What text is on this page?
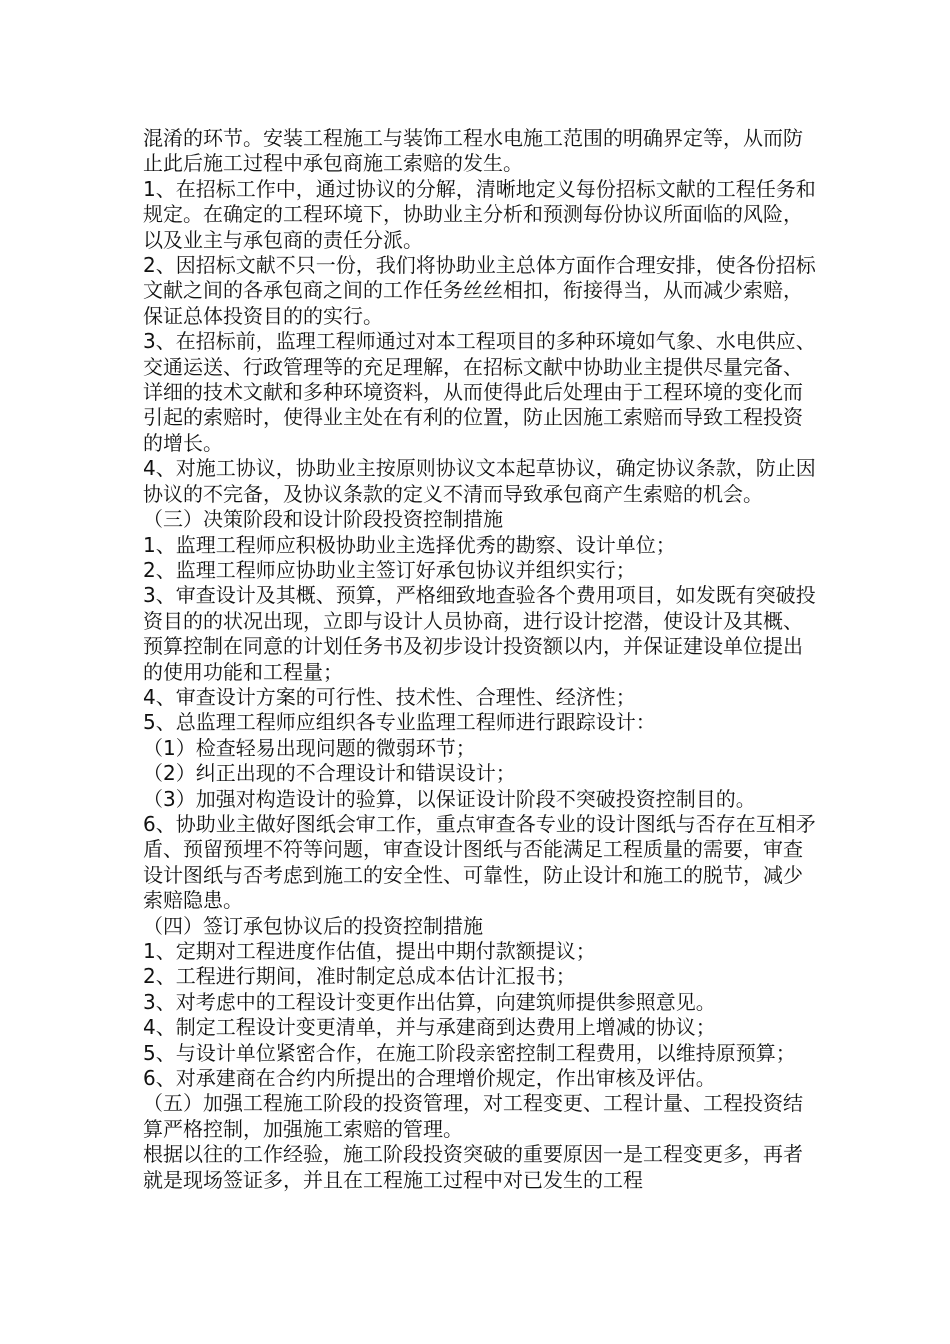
混淆的环节。安装工程施工与装饰工程水电施工范围的明确界定等，从而防止此后施工过程中承包商施工索赔的发生。

1、在招标工作中，通过协议的分解，清晰地定义每份招标文献的工程任务和规定。在确定的工程环境下，协助业主分析和预测每份协议所面临的风险，以及业主与承包商的责任分派。

2、因招标文献不只一份，我们将协助业主总体方面作合理安排，使各份招标文献之间的各承包商之间的工作任务丝丝相扣，衔接得当，从而减少索赔，保证总体投资目的的实行。

3、在招标前，监理工程师通过对本工程项目的多种环境如气象、水电供应、交通运送、行政管理等的充足理解，在招标文献中协助业主提供尽量完备、详细的技术文献和多种环境资料，从而使得此后处理由于工程环境的变化而引起的索赔时，使得业主处在有利的位置，防止因施工索赔而导致工程投资的增长。

4、对施工协议，协助业主按原则协议文本起草协议，确定协议条款，防止因协议的不完备，及协议条款的定义不清而导致承包商产生索赔的机会。

（三）决策阶段和设计阶段投资控制措施

1、监理工程师应积极协助业主选择优秀的勘察、设计单位；

2、监理工程师应协助业主签订好承包协议并组织实行；

3、审查设计及其概、预算，严格细致地查验各个费用项目，如发既有突破投资目的的状况出现，立即与设计人员协商，进行设计挖潜，使设计及其概、预算控制在同意的计划任务书及初步设计投资额以内，并保证建设单位提出的使用功能和工程量；

4、审查设计方案的可行性、技术性、合理性、经济性；

5、总监理工程师应组织各专业监理工程师进行跟踪设计：

（1）检查轻易出现问题的微弱环节；

（2）纠正出现的不合理设计和错误设计；

（3）加强对构造设计的验算，以保证设计阶段不突破投资控制目的。

6、协助业主做好图纸会审工作，重点审查各专业的设计图纸与否存在互相矛盾、预留预埋不符等问题，审查设计图纸与否能满足工程质量的需要，审查设计图纸与否考虑到施工的安全性、可靠性，防止设计和施工的脱节，减少索赔隐患。

（四）签订承包协议后的投资控制措施

1、定期对工程进度作估值，提出中期付款额提议；

2、工程进行期间，准时制定总成本估计汇报书；

3、对考虑中的工程设计变更作出估算，向建筑师提供参照意见。

4、制定工程设计变更清单，并与承建商到达费用上增减的协议；

5、与设计单位紧密合作，在施工阶段亲密控制工程费用，以维持原预算；

6、对承建商在合约内所提出的合理增价规定，作出审核及评估。

（五）加强工程施工阶段的投资管理，对工程变更、工程计量、工程投资结算严格控制，加强施工索赔的管理。

根据以往的工作经验，施工阶段投资突破的重要原因一是工程变更多，再者就是现场签证多，并且在工程施工过程中对已发生的工程
